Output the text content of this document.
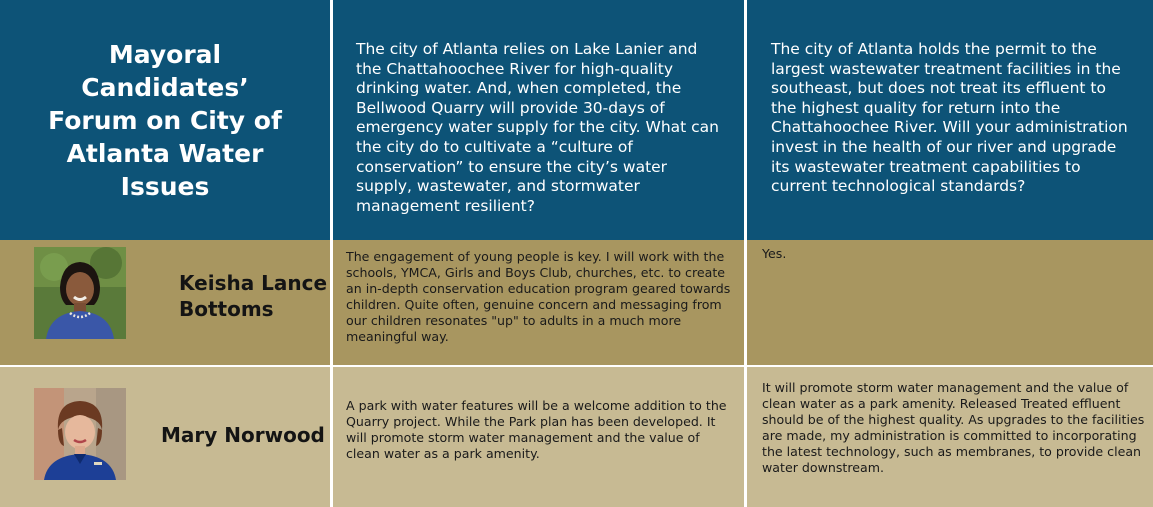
Mayoral Candidates’ Forum on City of Atlanta Water Issues
The city of Atlanta relies on Lake Lanier and the Chattahoochee River for high-quality drinking water. And, when completed, the Bellwood Quarry will provide 30-days of emergency water supply for the city. What can the city do to cultivate a “culture of conservation” to ensure the city’s water supply, wastewater, and stormwater management resilient?
The city of Atlanta holds the permit to the largest wastewater treatment facilities in the southeast, but does not treat its effluent to the highest quality for return into the Chattahoochee River. Will your administration invest in the health of our river and upgrade its wastewater treatment capabilities to current technological standards?
Keisha Lance Bottoms
The engagement of young people is key. I will work with the schools, YMCA, Girls and Boys Club, churches, etc. to create an in-depth conservation education program geared towards children. Quite often, genuine concern and messaging from our children resonates "up" to adults in a much more meaningful way.
Yes.
Mary Norwood
A park with water features will be a welcome addition to the Quarry project. While the Park plan has been developed. It will promote storm water management and the value of clean water as a park amenity.
It will promote storm water management and the value of clean water as a park amenity. Released Treated effluent should be of the highest quality. As upgrades to the facilities are made, my administration is committed to incorporating the latest technology, such as membranes, to provide clean water downstream.
